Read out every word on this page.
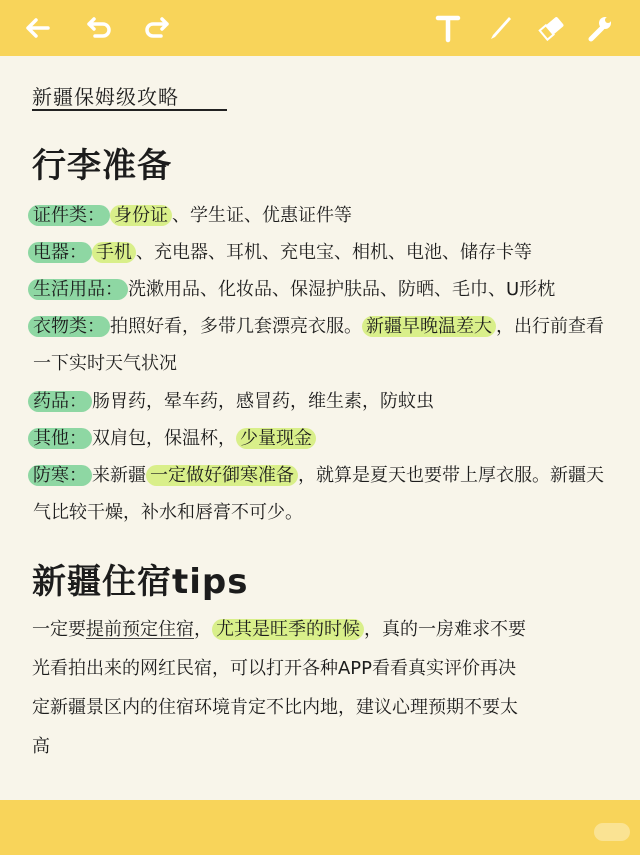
新疆保姆级攻略
行李准备
证件类： 身份证 、学生证、优惠证件等
电器： 手机 、充电器、耳机、充电宝、相机、电池、储存卡等
生活用品： 洗漱用品、化妆品、保湿护肤品、防晒、毛巾、U形枕
衣物类： 拍照好看，多带几套漂亮衣服。 新疆早晚温差大 ，出行前查看
一下实时天气状况
药品： 肠胃药，晕车药，感冒药，维生素，防蚊虫
其他： 双肩包，保温杯， 少量现金
防寒： 来新疆 一定做好御寒准备 ，就算是夏天也要带上厚衣服。新疆天
气比较干燥，补水和唇膏不可少。
新疆住宿tips
一定要提前预定住宿， 尤其是旺季的时候 ，真的一房难求不要
光看拍出来的网红民宿，可以打开各种APP看看真实评价再决
定新疆景区内的住宿环境肯定不比内地，建议心理预期不要太
高
